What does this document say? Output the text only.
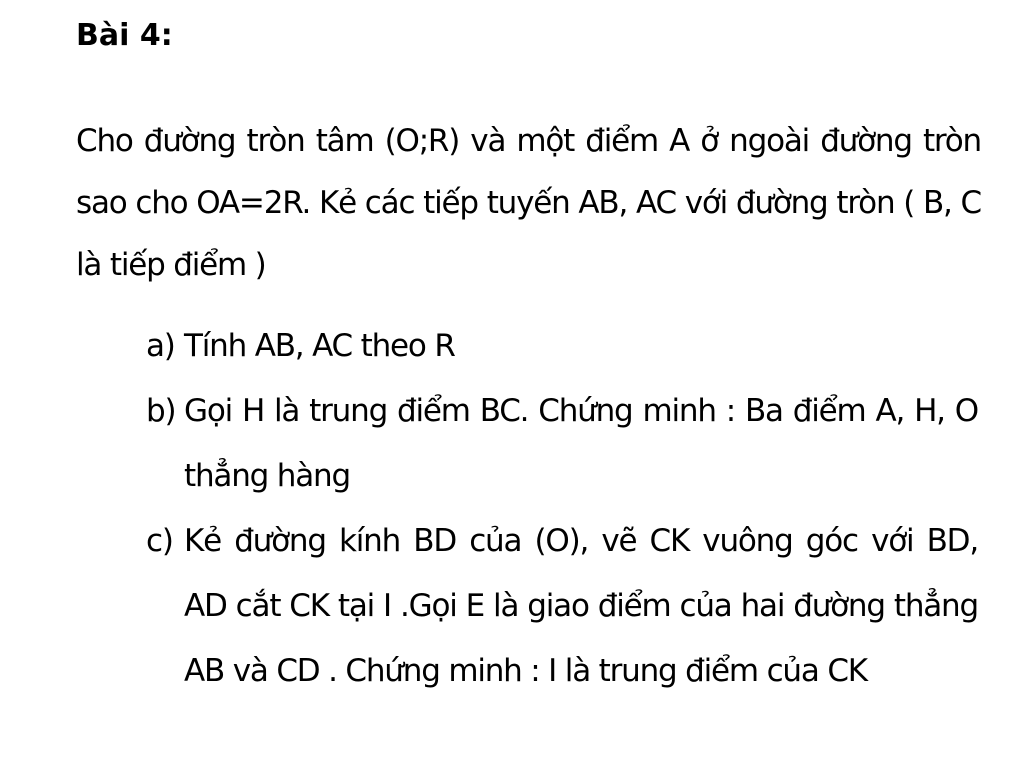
Bài 4:

Cho đường tròn tâm (O;R) và một điểm A ở ngoài đường tròn sao cho OA=2R. Kẻ các tiếp tuyến AB, AC với đường tròn ( B, C là tiếp điểm )

a) Tính AB, AC theo R
b) Gọi H là trung điểm BC. Chứng minh : Ba điểm A, H, O thẳng hàng
c) Kẻ đường kính BD của (O), vẽ CK vuông góc với BD, AD cắt CK tại I .Gọi E là giao điểm của hai đường thẳng AB và CD . Chứng minh : I là trung điểm của CK
